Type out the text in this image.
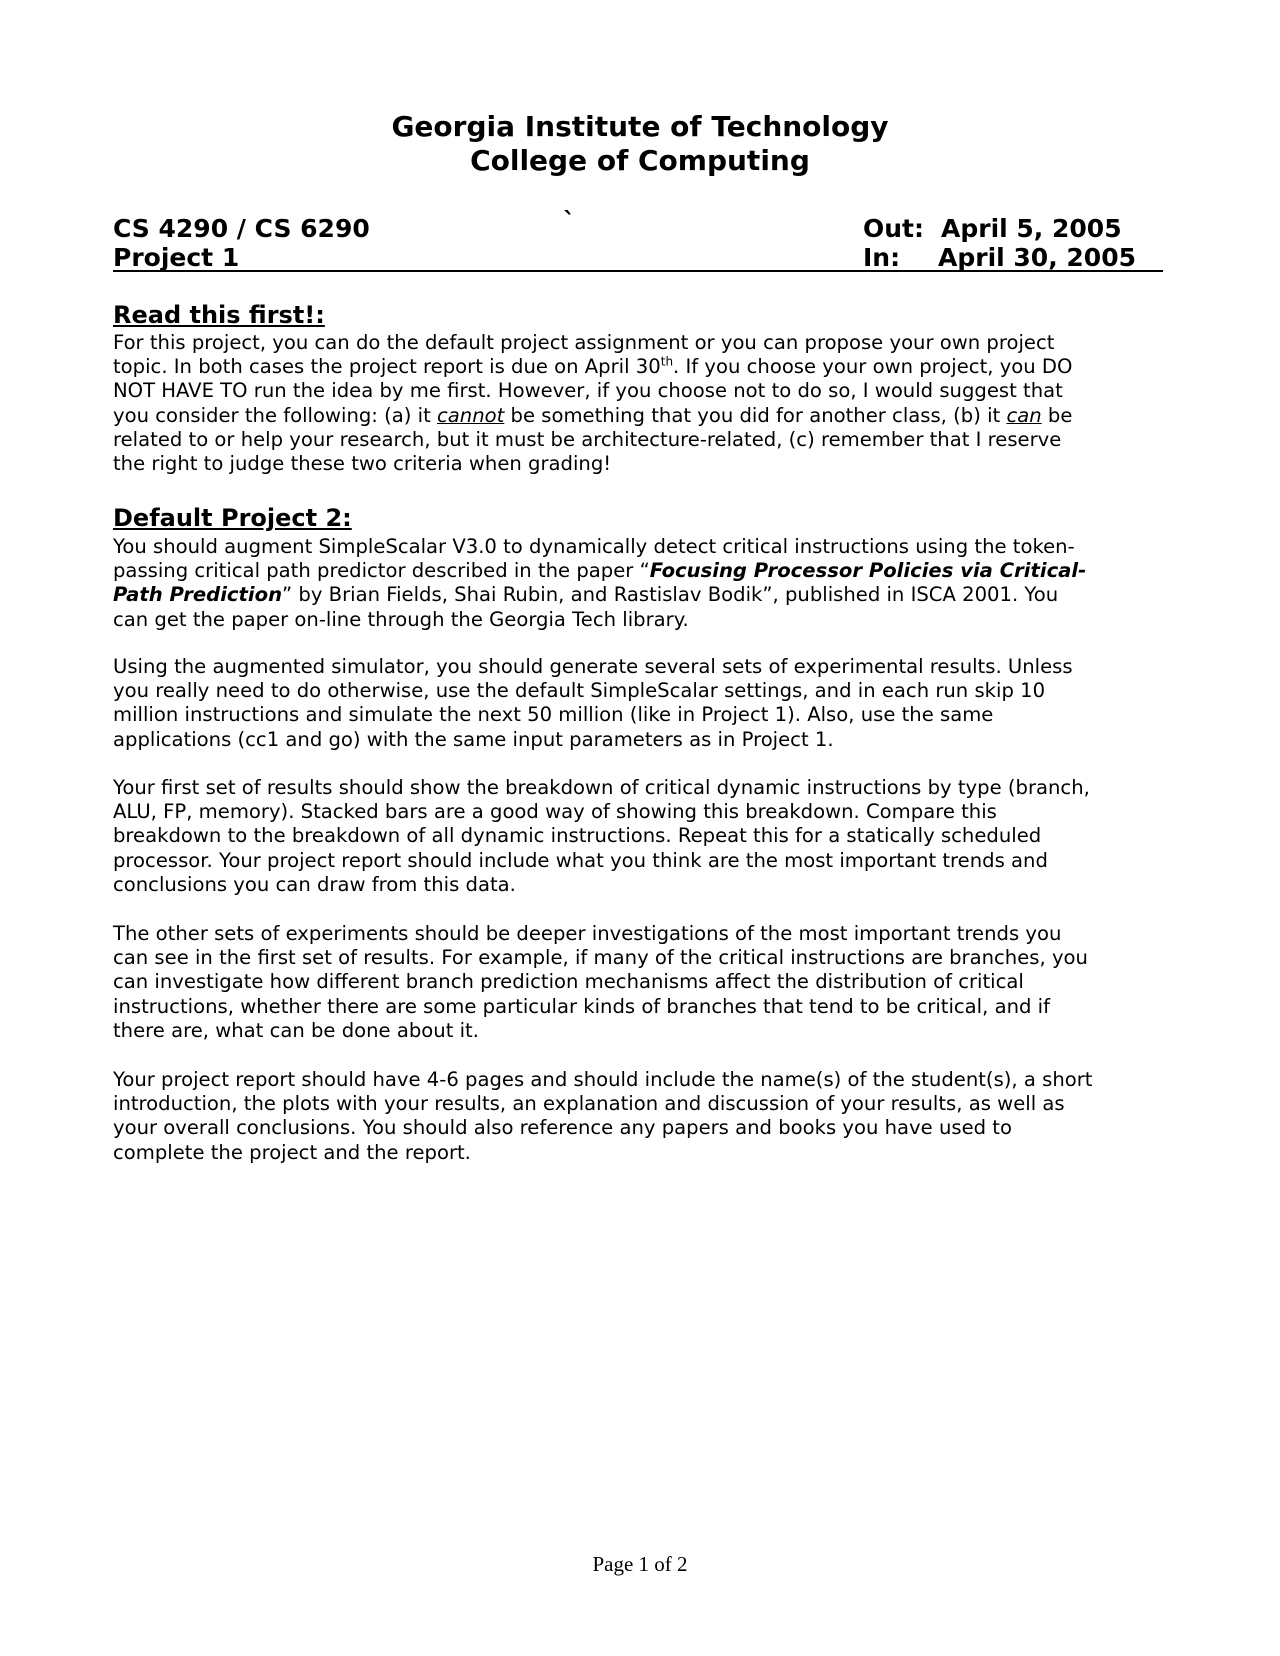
Georgia Institute of Technology
College of Computing
CS 4290 / CS 6290	`	Out: April 5, 2005
Project 1	In: April 30, 2005
Read this first!:
For this project, you can do the default project assignment or you can propose your own project
topic. In both cases the project report is due on April 30th. If you choose your own project, you DO
NOT HAVE TO run the idea by me first. However, if you choose not to do so, I would suggest that
you consider the following: (a) it cannot be something that you did for another class, (b) it can be
related to or help your research, but it must be architecture-related, (c) remember that I reserve
the right to judge these two criteria when grading!
Default Project 2:
You should augment SimpleScalar V3.0 to dynamically detect critical instructions using the token-
passing critical path predictor described in the paper “Focusing Processor Policies via Critical-
Path Prediction” by Brian Fields, Shai Rubin, and Rastislav Bodik”, published in ISCA 2001. You
can get the paper on-line through the Georgia Tech library.
Using the augmented simulator, you should generate several sets of experimental results. Unless
you really need to do otherwise, use the default SimpleScalar settings, and in each run skip 10
million instructions and simulate the next 50 million (like in Project 1). Also, use the same
applications (cc1 and go) with the same input parameters as in Project 1.
Your first set of results should show the breakdown of critical dynamic instructions by type (branch,
ALU, FP, memory). Stacked bars are a good way of showing this breakdown. Compare this
breakdown to the breakdown of all dynamic instructions. Repeat this for a statically scheduled
processor. Your project report should include what you think are the most important trends and
conclusions you can draw from this data.
The other sets of experiments should be deeper investigations of the most important trends you
can see in the first set of results. For example, if many of the critical instructions are branches, you
can investigate how different branch prediction mechanisms affect the distribution of critical
instructions, whether there are some particular kinds of branches that tend to be critical, and if
there are, what can be done about it.
Your project report should have 4-6 pages and should include the name(s) of the student(s), a short
introduction, the plots with your results, an explanation and discussion of your results, as well as
your overall conclusions. You should also reference any papers and books you have used to
complete the project and the report.
Page 1 of 2
